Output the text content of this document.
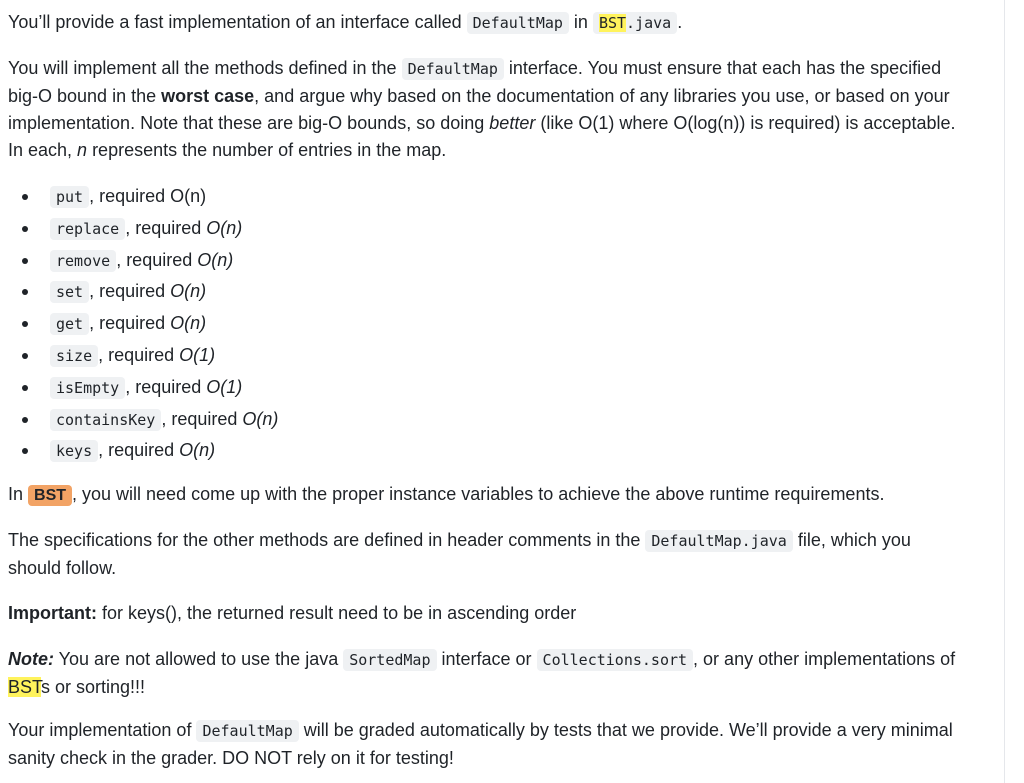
You’ll provide a fast implementation of an interface called DefaultMap in BST.java .

You will implement all the methods defined in the DefaultMap interface. You must ensure that each has the specified big-O bound in the worst case, and argue why based on the documentation of any libraries you use, or based on your implementation. Note that these are big-O bounds, so doing better (like O(1) where O(log(n)) is required) is acceptable. In each, n represents the number of entries in the map.

put , required O(n)
replace , required O(n)
remove , required O(n)
set , required O(n)
get , required O(n)
size , required O(1)
isEmpty , required O(1)
containsKey , required O(n)
keys , required O(n)

In BST , you will need come up with the proper instance variables to achieve the above runtime requirements.

The specifications for the other methods are defined in header comments in the DefaultMap.java file, which you should follow.

Important: for keys(), the returned result need to be in ascending order

Note: You are not allowed to use the java SortedMap interface or Collections.sort , or any other implementations of BSTs or sorting!!!

Your implementation of DefaultMap will be graded automatically by tests that we provide. We’ll provide a very minimal sanity check in the grader. DO NOT rely on it for testing!
